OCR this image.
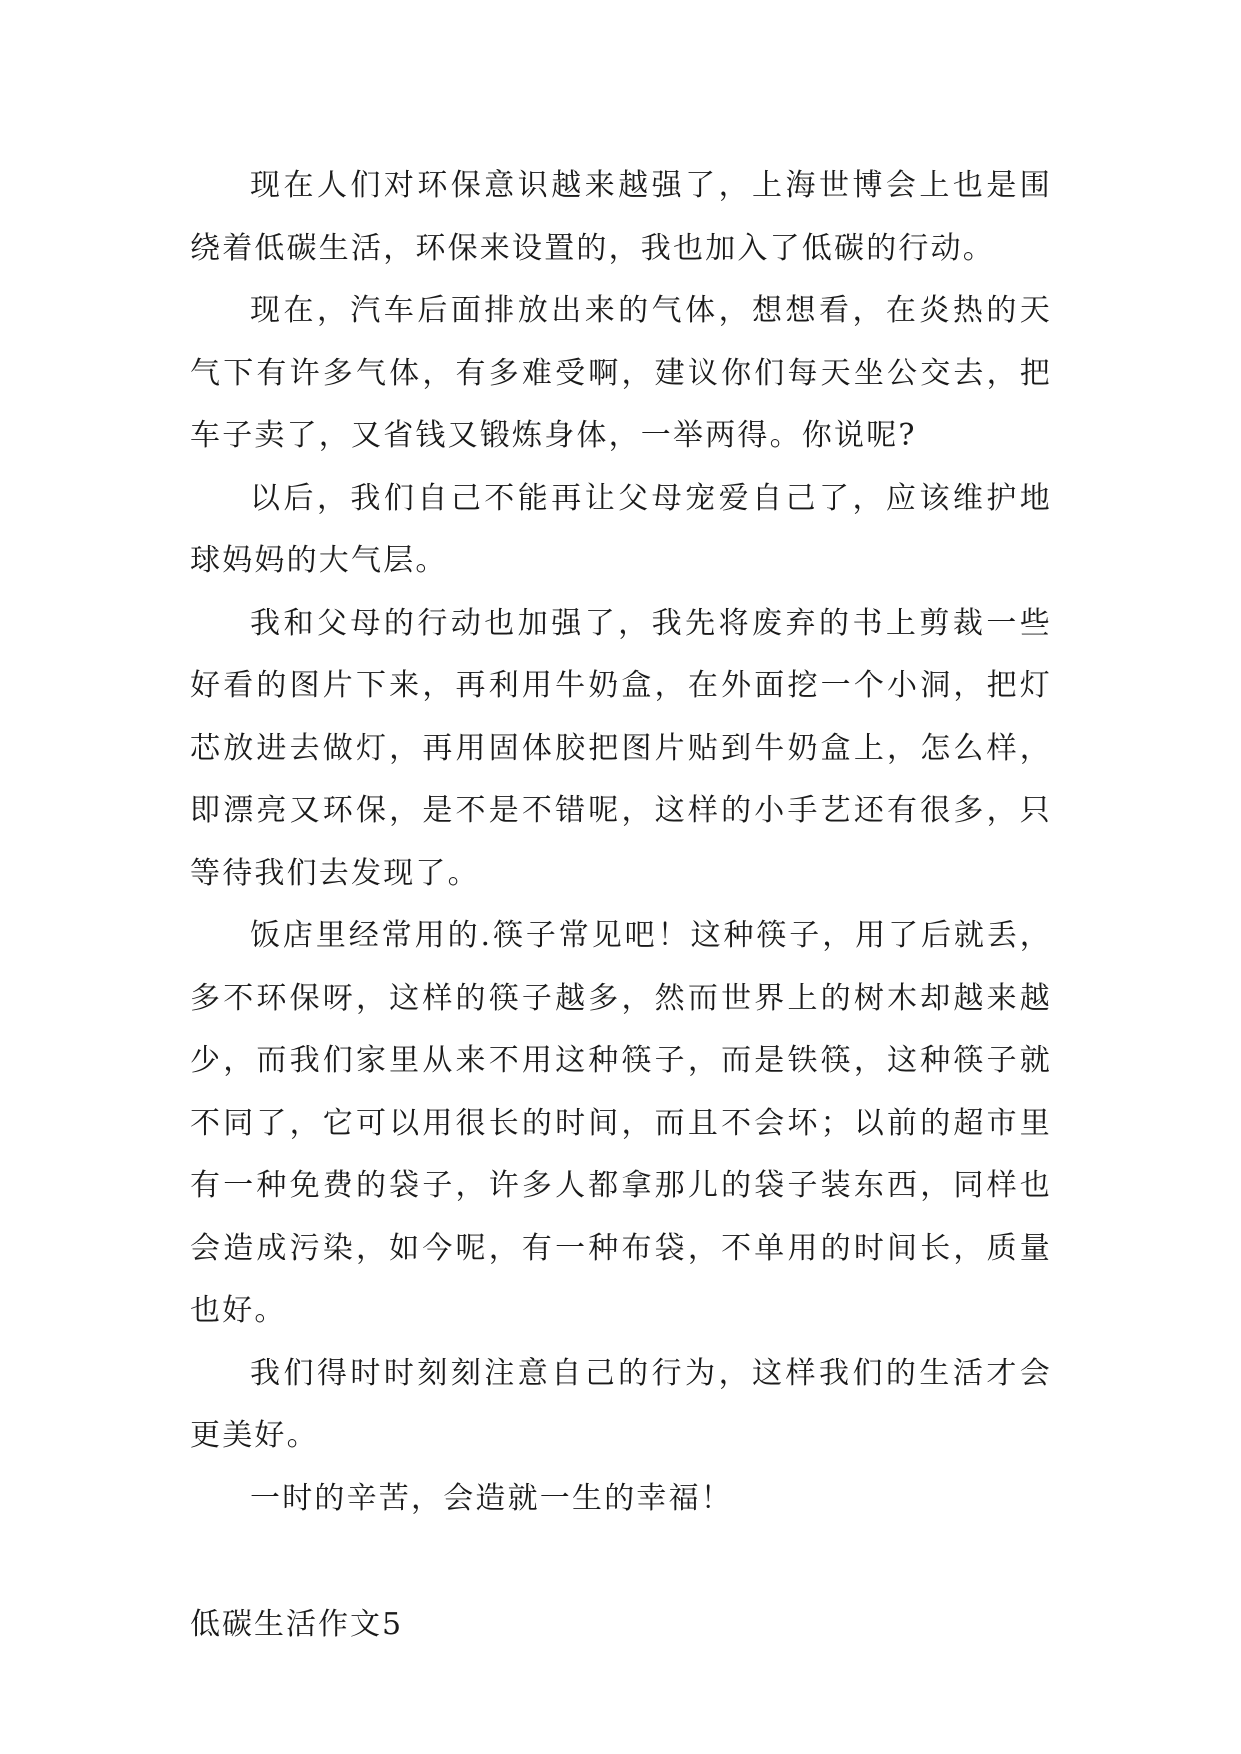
现在人们对环保意识越来越强了，上海世博会上也是围绕着低碳生活，环保来设置的，我也加入了低碳的行动。

现在，汽车后面排放出来的气体，想想看，在炎热的天气下有许多气体，有多难受啊，建议你们每天坐公交去，把车子卖了，又省钱又锻炼身体，一举两得。你说呢?

以后，我们自己不能再让父母宠爱自己了，应该维护地球妈妈的大气层。

我和父母的行动也加强了，我先将废弃的书上剪裁一些好看的图片下来，再利用牛奶盒，在外面挖一个小洞，把灯芯放进去做灯，再用固体胶把图片贴到牛奶盒上，怎么样，即漂亮又环保，是不是不错呢，这样的小手艺还有很多，只等待我们去发现了。

饭店里经常用的.筷子常见吧！这种筷子，用了后就丢，多不环保呀，这样的筷子越多，然而世界上的树木却越来越少，而我们家里从来不用这种筷子，而是铁筷，这种筷子就不同了，它可以用很长的时间，而且不会坏；以前的超市里有一种免费的袋子，许多人都拿那儿的袋子装东西，同样也会造成污染，如今呢，有一种布袋，不单用的时间长，质量也好。

我们得时时刻刻注意自己的行为，这样我们的生活才会更美好。

一时的辛苦，会造就一生的幸福！

低碳生活作文5
